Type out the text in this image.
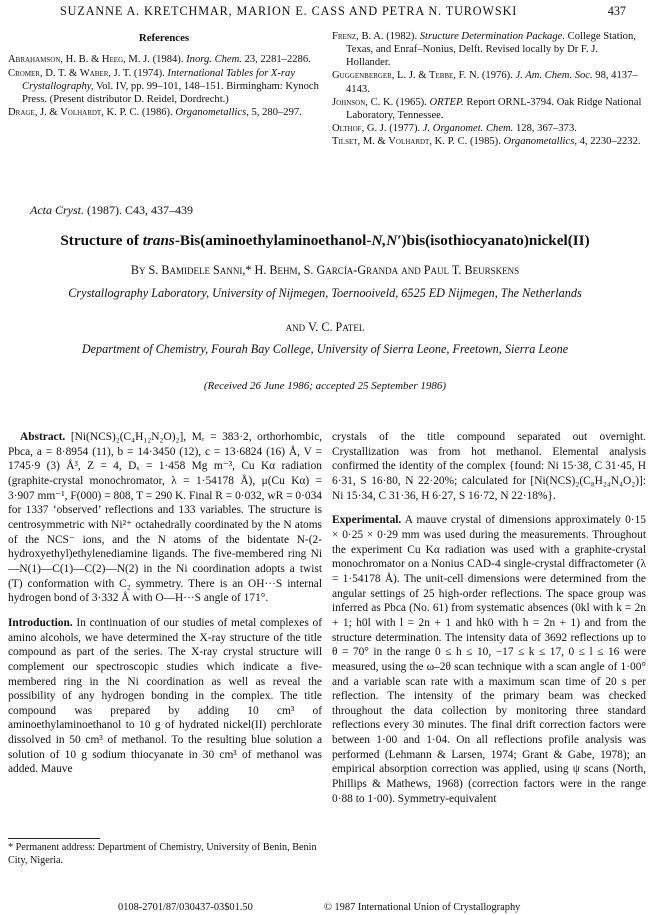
SUZANNE A. KRETCHMAR, MARION E. CASS AND PETRA N. TUROWSKI	437
References

Abrahamson, H. B. & Heeg, M. J. (1984). Inorg. Chem. 23, 2281–2286.

Cromer, D. T. & Waber, J. T. (1974). International Tables for X-ray Crystallography, Vol. IV, pp. 99–101, 148–151. Birmingham: Kynoch Press. (Present distributor D. Reidel, Dordrecht.)

Drage, J. & Volhardt, K. P. C. (1986). Organometallics, 5, 280–297.

Frenz, B. A. (1982). Structure Determination Package. College Station, Texas, and Enraf–Nonius, Delft. Revised locally by Dr F. J. Hollander.

Guggenberger, L. J. & Tebbe, F. N. (1976). J. Am. Chem. Soc. 98, 4137–4143.

Johnson, C. K. (1965). ORTEP. Report ORNL-3794. Oak Ridge National Laboratory, Tennessee.

Olthof, G. J. (1977). J. Organomet. Chem. 128, 367–373.

Tilset, M. & Volhardt, K. P. C. (1985). Organometallics, 4, 2230–2232.

Acta Cryst. (1987). C43, 437–439
Structure of trans-Bis(aminoethylaminoethanol-N,N′)bis(isothiocyanato)nickel(II)
By S. Bamidele Sanni,* H. Behm, S. García-Granda and Paul T. Beurskens
Crystallography Laboratory, University of Nijmegen, Toernooiveld, 6525 ED Nijmegen, The Netherlands
and V. C. Patel
Department of Chemistry, Fourah Bay College, University of Sierra Leone, Freetown, Sierra Leone
(Received 26 June 1986; accepted 25 September 1986)

Abstract. [Ni(NCS)₂(C₄H₁₂N₂O)₂], Mᵣ = 383·2, orthorhombic, Pbca, a = 8·8954 (11), b = 14·3450 (12), c = 13·6824 (16) Å, V = 1745·9 (3) Å³, Z = 4, Dₓ = 1·458 Mg m⁻³, Cu Kα radiation (graphite-crystal monochromator, λ = 1·54178 Å), μ(Cu Kα) = 3·907 mm⁻¹, F(000) = 808, T = 290 K. Final R = 0·032, wR = 0·034 for 1337 ‘observed’ reflections and 133 variables. The structure is centrosymmetric with Ni²⁺ octahedrally coordinated by the N atoms of the NCS⁻ ions, and the N atoms of the bidentate N-(2-hydroxyethyl)ethylenediamine ligands. The five-membered ring Ni—N(1)—C(1)—C(2)—N(2) in the Ni coordination adopts a twist (T) conformation with C₂ symmetry. There is an OH···S internal hydrogen bond of 3·332 Å with O—H···S angle of 171°.

Introduction. In continuation of our studies of metal complexes of amino alcohols, we have determined the X-ray structure of the title compound as part of the series. The X-ray crystal structure will complement our spectroscopic studies which indicate a five-membered ring in the Ni coordination as well as reveal the possibility of any hydrogen bonding in the complex. The title compound was prepared by adding 10 cm³ of aminoethylaminoethanol to 10 g of hydrated nickel(II) perchlorate dissolved in 50 cm³ of methanol. To the resulting blue solution a solution of 10 g sodium thiocyanate in 30 cm³ of methanol was added. Mauve

crystals of the title compound separated out overnight. Crystallization was from hot methanol. Elemental analysis confirmed the identity of the complex {found: Ni 15·38, C 31·45, H 6·31, S 16·80, N 22·20%; calculated for [Ni(NCS)₂(C₈H₂₄N₄O₂)]: Ni 15·34, C 31·36, H 6·27, S 16·72, N 22·18%}.

Experimental. A mauve crystal of dimensions approximately 0·15 × 0·25 × 0·29 mm was used during the measurements. Throughout the experiment Cu Kα radiation was used with a graphite-crystal monochromator on a Nonius CAD-4 single-crystal diffractometer (λ = 1·54178 Å). The unit-cell dimensions were determined from the angular settings of 25 high-order reflections. The space group was inferred as Pbca (No. 61) from systematic absences (0kl with k = 2n + 1; h0l with l = 2n + 1 and hk0 with h = 2n + 1) and from the structure determination. The intensity data of 3692 reflections up to θ = 70° in the range 0 ≤ h ≤ 10, −17 ≤ k ≤ 17, 0 ≤ l ≤ 16 were measured, using the ω–2θ scan technique with a scan angle of 1·00° and a variable scan rate with a maximum scan time of 20 s per reflection. The intensity of the primary beam was checked throughout the data collection by monitoring three standard reflections every 30 minutes. The final drift correction factors were between 1·00 and 1·04. On all reflections profile analysis was performed (Lehmann & Larsen, 1974; Grant & Gabe, 1978); an empirical absorption correction was applied, using ψ scans (North, Phillips & Mathews, 1968) (correction factors were in the range 0·88 to 1·00). Symmetry-equivalent

* Permanent address: Department of Chemistry, University of Benin, Benin City, Nigeria.
0108-2701/87/030437-03$01.50	© 1987 International Union of Crystallography
